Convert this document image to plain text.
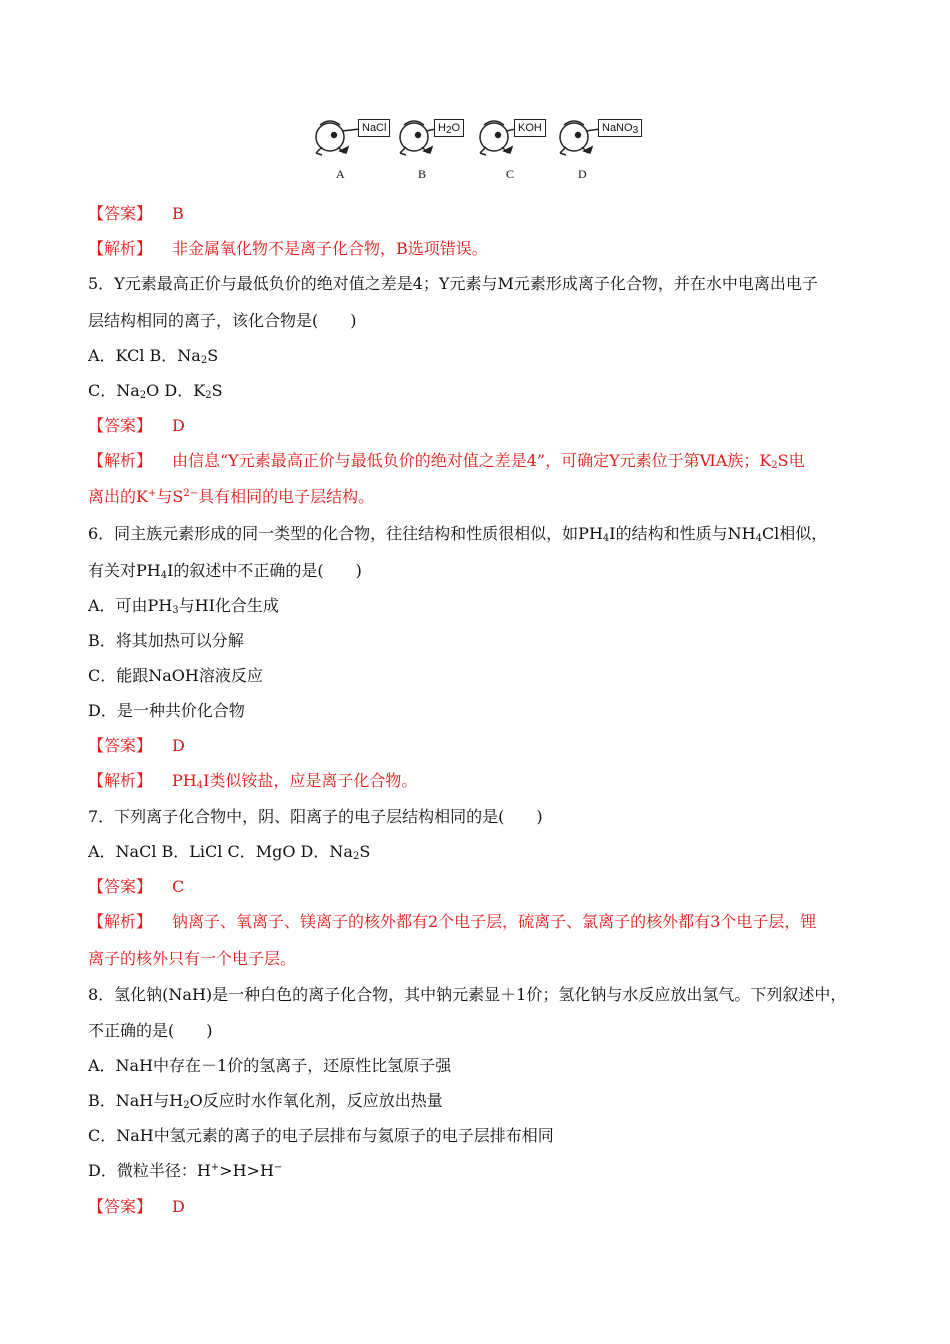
NaCl	$H_2O$	KOH	NaNO$_3$
A	B	C	D
【答案】 B
【解析】 非金属氧化物不是离子化合物，B选项错误。
5．Y元素最高正价与最低负价的绝对值之差是4；Y元素与M元素形成离子化合物，并在水中电离出电子
层结构相同的离子，该化合物是(　　)
A．KCl B．$Na_2S$
C．$Na_2O$ D．$K_2S$
【答案】 D
【解析】 由信息“Y元素最高正价与最低负价的绝对值之差是4”，可确定Y元素位于第ⅥA族；$K_2S$电
离出的K+与$S^{2-}$具有相同的电子层结构。
6．同主族元素形成的同一类型的化合物，往往结构和性质很相似，如$PH_4I$的结构和性质与$NH_4Cl$相似，
有关对$PH_4I$的叙述中不正确的是(　　)
A．可由$PH_3$与HI化合生成
B．将其加热可以分解
C．能跟NaOH溶液反应
D．是一种共价化合物
【答案】 D
【解析】 $PH_4I$类似铵盐，应是离子化合物。
7．下列离子化合物中，阴、阳离子的电子层结构相同的是(　　)
A．NaCl B．LiCl C．MgO D．$Na_2S$
【答案】 C
【解析】 钠离子、氧离子、镁离子的核外都有2个电子层，硫离子、氯离子的核外都有3个电子层，锂
离子的核外只有一个电子层。
8．氢化钠(NaH)是一种白色的离子化合物，其中钠元素显＋1价；氢化钠与水反应放出氢气。下列叙述中，
不正确的是(　　)
A．NaH中存在－1价的氢离子，还原性比氢原子强
B．NaH与$H_2O$反应时水作氧化剂，反应放出热量
C．NaH中氢元素的离子的电子层排布与氦原子的电子层排布相同
D．微粒半径：H+>H>H−
【答案】 D
